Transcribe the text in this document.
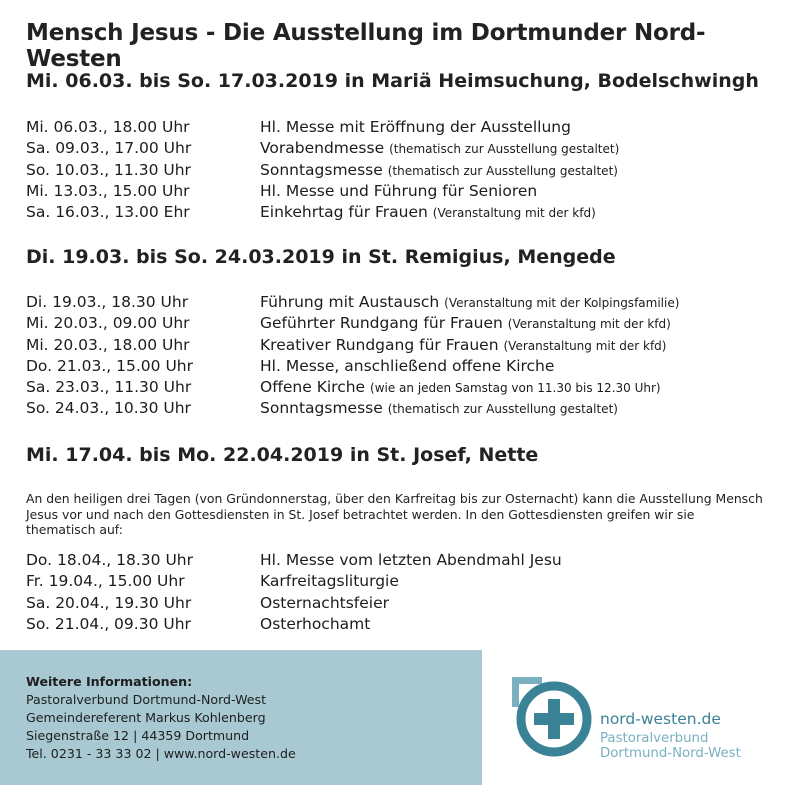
Mensch Jesus - Die Ausstellung im Dortmunder Nord-Westen
Mi. 06.03. bis So. 17.03.2019 in Mariä Heimsuchung, Bodelschwingh
Mi. 06.03., 18.00 Uhr	Hl. Messe mit Eröffnung der Ausstellung
Sa. 09.03., 17.00 Uhr	Vorabendmesse (thematisch zur Ausstellung gestaltet)
So. 10.03., 11.30 Uhr	Sonntagsmesse (thematisch zur Ausstellung gestaltet)
Mi. 13.03., 15.00 Uhr	Hl. Messe und Führung für Senioren
Sa. 16.03., 13.00 Ehr	Einkehrtag für Frauen (Veranstaltung mit der kfd)
Di. 19.03. bis So. 24.03.2019 in St. Remigius, Mengede
Di. 19.03., 18.30 Uhr	Führung mit Austausch (Veranstaltung mit der Kolpingsfamilie)
Mi. 20.03., 09.00 Uhr	Geführter Rundgang für Frauen (Veranstaltung mit der kfd)
Mi. 20.03., 18.00 Uhr	Kreativer Rundgang für Frauen (Veranstaltung mit der kfd)
Do. 21.03., 15.00 Uhr	Hl. Messe, anschließend offene Kirche
Sa. 23.03., 11.30 Uhr	Offene Kirche (wie an jeden Samstag von 11.30 bis 12.30 Uhr)
So. 24.03., 10.30 Uhr	Sonntagsmesse (thematisch zur Ausstellung gestaltet)
Mi. 17.04. bis Mo. 22.04.2019 in St. Josef, Nette
An den heiligen drei Tagen (von Gründonnerstag, über den Karfreitag bis zur Osternacht) kann die Ausstellung Mensch Jesus vor und nach den Gottesdiensten in St. Josef betrachtet werden. In den Gottesdiensten greifen wir sie thematisch auf:
Do. 18.04., 18.30 Uhr	Hl. Messe vom letzten Abendmahl Jesu
Fr. 19.04., 15.00 Uhr	Karfreitagsliturgie
Sa. 20.04., 19.30 Uhr	Osternachtsfeier
So. 21.04., 09.30 Uhr	Osterhochamt
Weitere Informationen:
Pastoralverbund Dortmund-Nord-West
Gemeindereferent Markus Kohlenberg
Siegenstraße 12 | 44359 Dortmund
Tel. 0231 - 33 33 02 | www.nord-westen.de
nord-westen.de
Pastoralverbund
Dortmund-Nord-West
